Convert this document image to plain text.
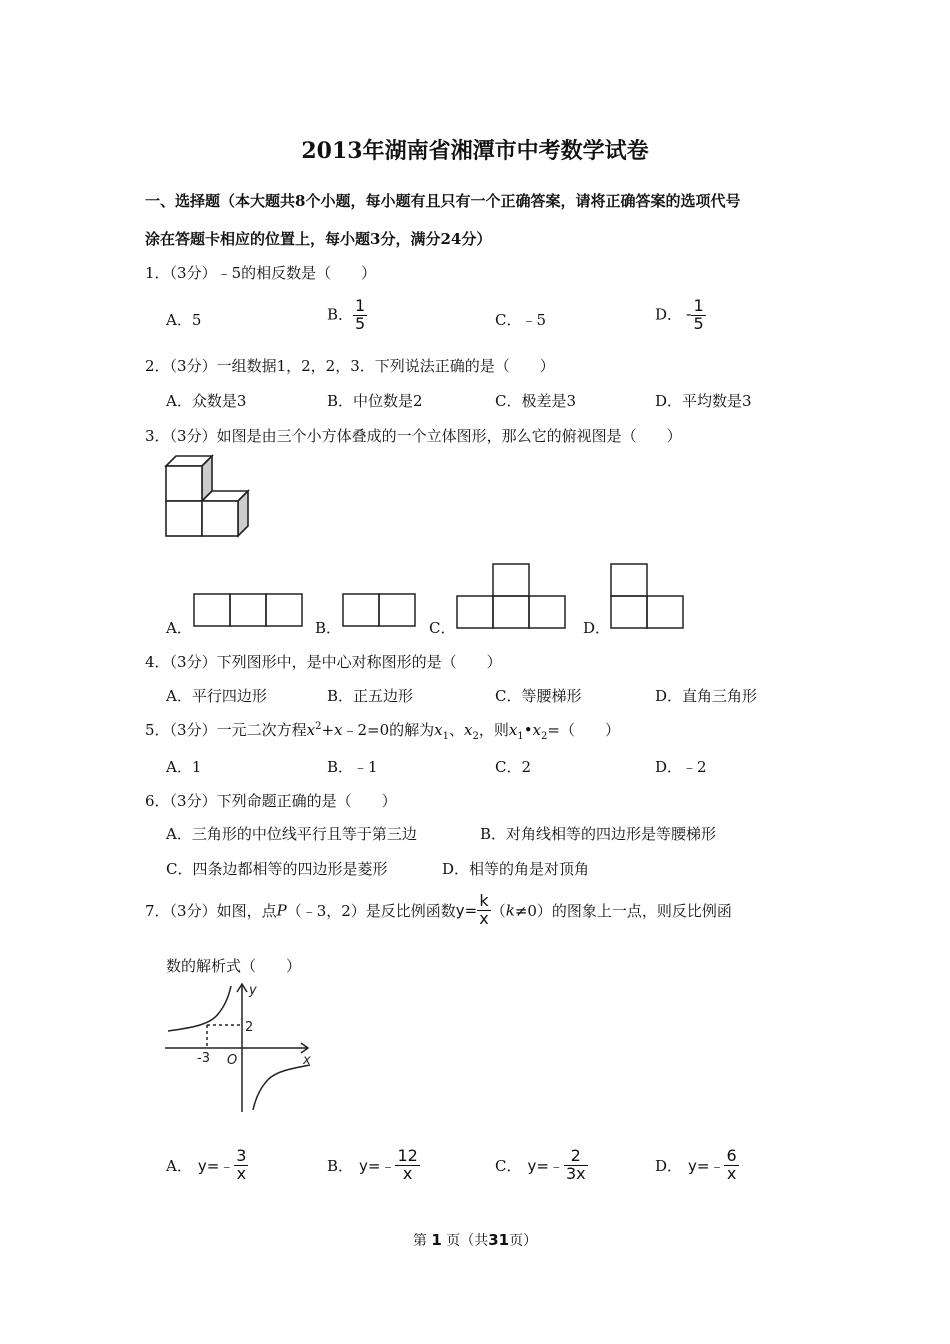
2013年湖南省湘潭市中考数学试卷
一、选择题（本大题共8个小题，每小题有且只有一个正确答案，请将正确答案的选项代号
涂在答题卡相应的位置上，每小题3分，满分24分）
1．（3分）﹣5的相反数是（　　）
A．5	B． $\frac{1}{5}$	C．﹣5	D． - $\frac{1}{5}$
2．（3分）一组数据1，2，2，3．下列说法正确的是（　　）
A．众数是3	B．中位数是2	C．极差是3	D．平均数是3
3．（3分）如图是由三个小方体叠成的一个立体图形，那么它的俯视图是（　　）
A．	B．	C．	D．
4．（3分）下列图形中，是中心对称图形的是（　　）
A．平行四边形	B．正五边形	C．等腰梯形	D．直角三角形
5．（3分）一元二次方程$x^2+x﹣2=0$的解为$x_1$、$x_2$，则$x_1•x_2=$（　　）
A．1	B．﹣1	C．2	D．﹣2
6．（3分）下列命题正确的是（　　）
A．三角形的中位线平行且等于第三边	B．对角线相等的四边形是等腰梯形
C．四条边都相等的四边形是菱形	D．相等的角是对顶角
7．（3分）如图，点P（﹣3，2）是反比例函数$y= \frac{k}{x} (k\ne 0)$的图象上一点，则反比例函
数的解析式（　　）
y
x
O
2
-3
A． y=﹣ $\frac{3}{x}$	B． y=﹣ $\frac{12}{x}$	C． y=﹣ $\frac{2}{3x}$	D． y=﹣ $\frac{6}{x}$
第 1 页（共31页）
